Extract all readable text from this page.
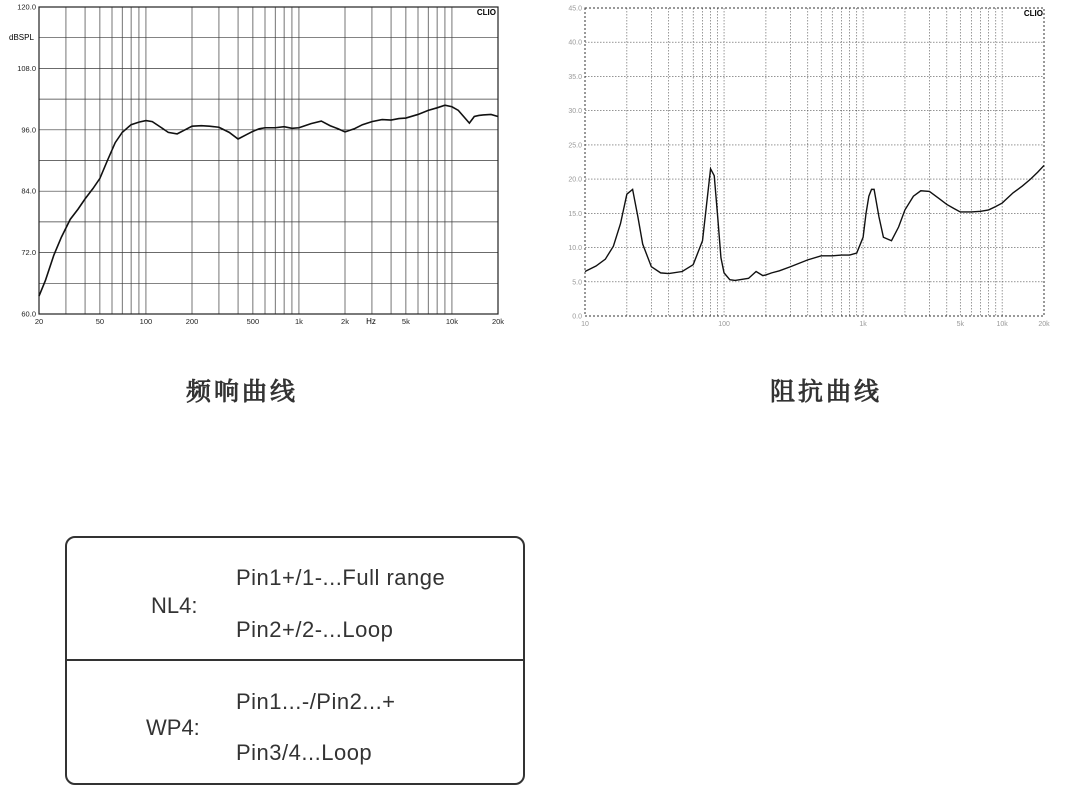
120.0
108.0
96.0
84.0
72.0
60.0
20	50	100	200	500	1k	2k	5k	10k	20k
CLIO
dBSPL
Hz
45.0
40.0
35.0
30.0
25.0
20.0
15.0
10.0
5.0
0.0
10	100	1k	5k	10k	20k
CLIO
频响曲线	阻抗曲线
NL4:
Pin1+/1-...Full range
Pin2+/2-...Loop
WP4:
Pin1...-/Pin2...+
Pin3/4...Loop
